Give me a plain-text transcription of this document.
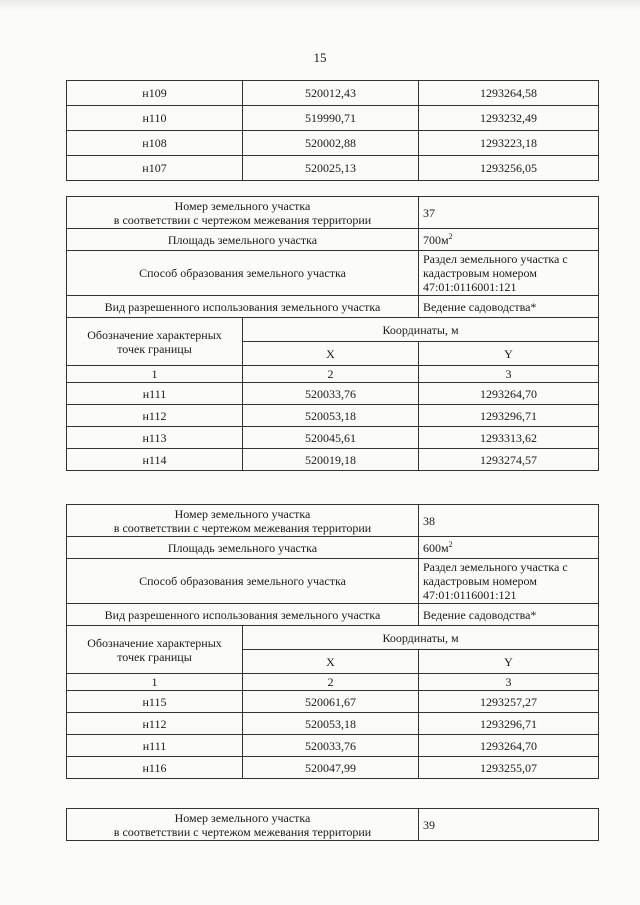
15
н109	520012,43	1293264,58
н110	519990,71	1293232,49
н108	520002,88	1293223,18
н107	520025,13	1293256,05
Номер земельного участка
в соответствии с чертежом межевания территории		37
Площадь земельного участка		$700м^2$
Способ образования земельного участка		Раздел земельного участка с
кадастровым номером
47:01:0116001:121

Вид разрешенного использования земельного участка		Ведение садоводства*

Обозначение характерных
точек границы	Координаты, м	
	X	Y
1	2	3
н111	520033,76	1293264,70
н112	520053,18	1293296,71
н113	520045,61	1293313,62
н114	520019,18	1293274,57
Номер земельного участка
в соответствии с чертежом межевания территории		38
Площадь земельного участка		$600м^2$
Способ образования земельного участка		Раздел земельного участка с
кадастровым номером
47:01:0116001:121

Вид разрешенного использования земельного участка		Ведение садоводства*

Обозначение характерных
точек границы	Координаты, м	
	X	Y
1	2	3
н115	520061,67	1293257,27
н112	520053,18	1293296,71
н111	520033,76	1293264,70
н116	520047,99	1293255,07
Номер земельного участка
в соответствии с чертежом межевания территории	39
